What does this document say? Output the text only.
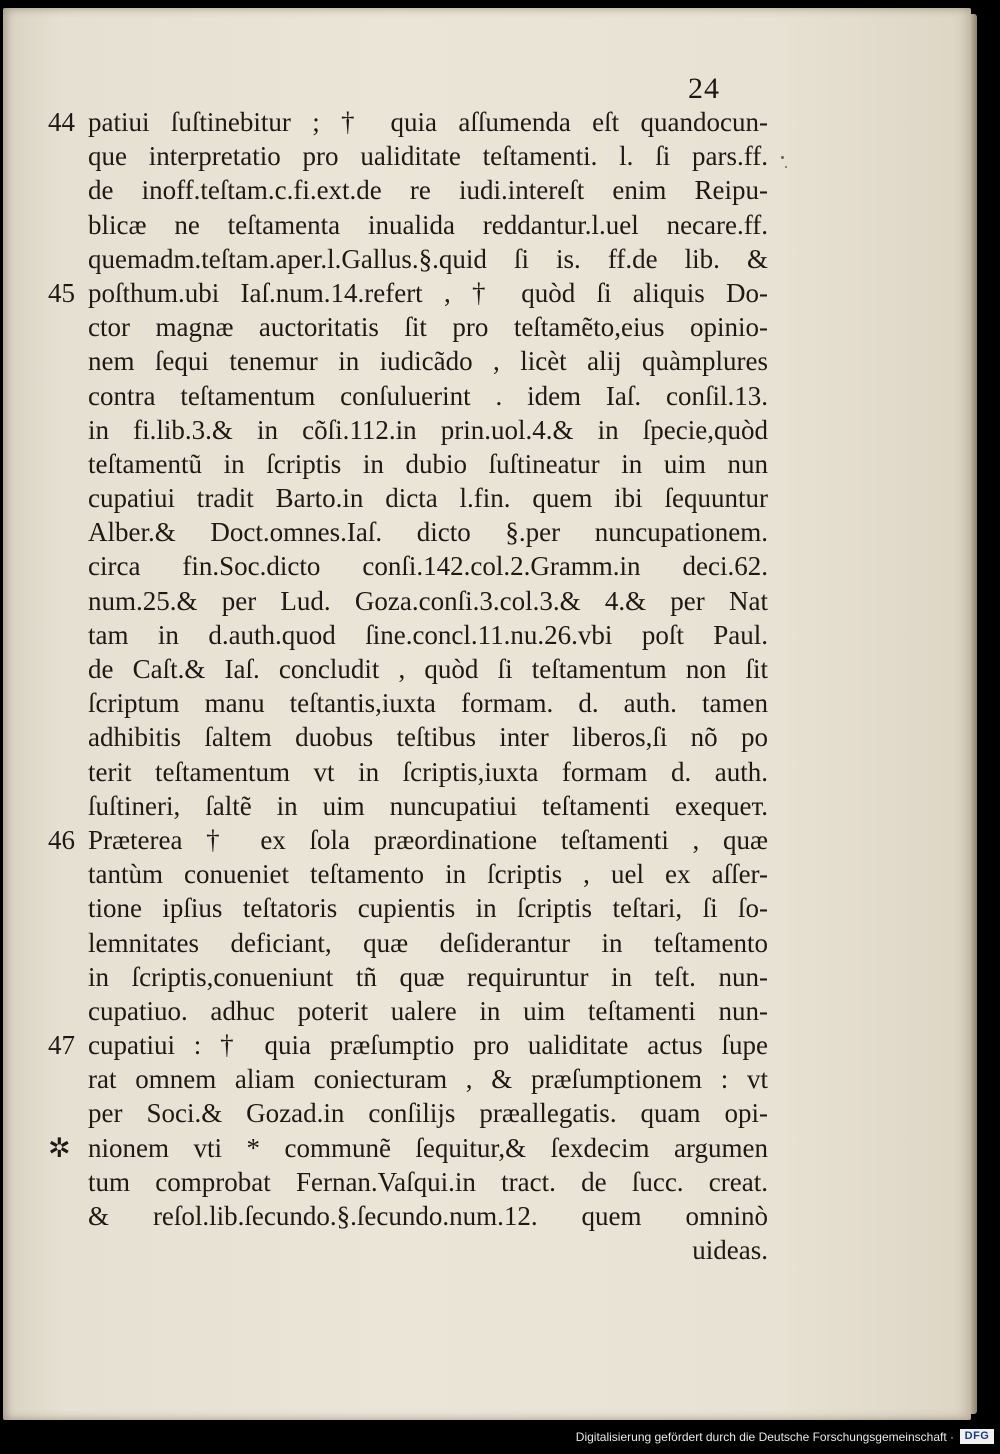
24
44 patiui ſuſtinebitur ; † quia aſſumenda eſt quandocun-
que interpretatio pro ualiditate teſtamenti. l. ſi pars.ff.
de inoff.teſtam.c.fi.ext.de re iudi.intereſt enim Reipu-
blicæ ne teſtamenta inualida reddantur.l.uel necare.ff.
quemadm.teſtam.aper.l.Gallus.§.quid ſi is. ff.de lib. &
45 poſthum.ubi Iaſ.num.14.refert , † quòd ſi aliquis Do-
ctor magnæ auctoritatis ſit pro teſtamẽto,eius opinio-
nem ſequi tenemur in iudicãdo , licèt alij quàmplures
contra teſtamentum conſuluerint . idem Iaſ. conſil.13.
in fi.lib.3.& in cõſi.112.in prin.uol.4.& in ſpecie,quòd
teſtamentũ in ſcriptis in dubio ſuſtineatur in uim nun
cupatiui tradit Barto.in dicta l.fin. quem ibi ſequuntur
Alber.& Doct.omnes.Iaſ. dicto §.per nuncupationem.
circa fin.Soc.dicto conſi.142.col.2.Gramm.in deci.62.
num.25.& per Lud. Goza.conſi.3.col.3.& 4.& per Nat
tam in d.auth.quod ſine.concl.11.nu.26.vbi poſt Paul.
de Caſt.& Iaſ. concludit , quòd ſi teſtamentum non ſit
ſcriptum manu teſtantis,iuxta formam. d. auth. tamen
adhibitis ſaltem duobus teſtibus inter liberos,ſi nõ po
terit teſtamentum vt in ſcriptis,iuxta formam d. auth.
ſuſtineri, ſaltẽ in uim nuncupatiui teſtamenti exequeт.
46 Præterea † ex ſola præordinatione teſtamenti , quæ
tantùm conueniet teſtamento in ſcriptis , uel ex aſſer-
tione ipſius teſtatoris cupientis in ſcriptis teſtari, ſi ſo-
lemnitates deficiant, quæ deſiderantur in teſtamento
in ſcriptis,conueniunt tñ quæ requiruntur in teſt. nun-
cupatiuo. adhuc poterit ualere in uim teſtamenti nun-
47 cupatiui : † quia præſumptio pro ualiditate actus ſupe
rat omnem aliam coniecturam , & præſumptionem : vt
per Soci.& Gozad.in conſilijs præallegatis. quam opi-
✲ nionem vti * communẽ ſequitur,& ſexdecim argumen
tum comprobat Fernan.Vaſqui.in tract. de ſucc. creat.
& reſol.lib.ſecundo.§.ſecundo.num.12. quem omninò
uideas.
Digitalisierung gefördert durch die Deutsche Forschungsgemeinschaft · DFG
